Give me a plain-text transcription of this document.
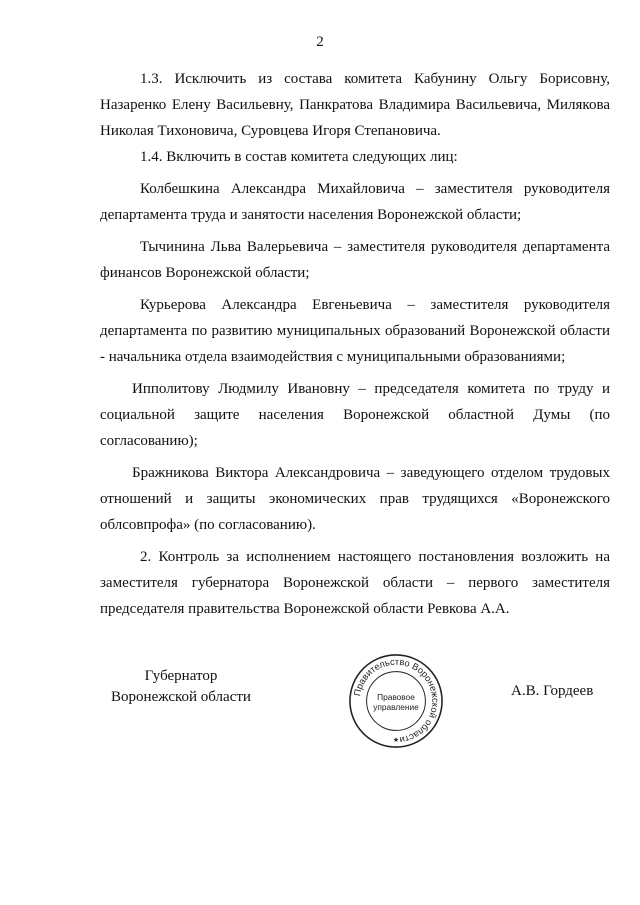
2

1.3. Исключить из состава комитета Кабунину Ольгу Борисовну, Назаренко Елену Васильевну, Панкратова Владимира Васильевича, Милякова Николая Тихоновича, Суровцева Игоря Степановича.

1.4. Включить в состав комитета следующих лиц:

Колбешкина Александра Михайловича – заместителя руководителя департамента труда и занятости населения Воронежской области;

Тычинина Льва Валерьевича – заместителя руководителя департамента финансов Воронежской области;

Курьерова Александра Евгеньевича – заместителя руководителя департамента по развитию муниципальных образований Воронежской области - начальника отдела взаимодействия с муниципальными образованиями;

Ипполитову Людмилу Ивановну – председателя комитета по труду и социальной защите населения Воронежской областной Думы (по согласованию);

Бражникова Виктора Александровича – заведующего отделом трудовых отношений и защиты экономических прав трудящихся «Воронежского облсовпрофа» (по согласованию).

2. Контроль за исполнением настоящего постановления возложить на заместителя губернатора Воронежской области – первого заместителя председателя правительства Воронежской области Ревкова А.А.

Губернатор
Воронежской области	Правительство Воронежской области
Правовое
управление
★
А.В. Гордеев
